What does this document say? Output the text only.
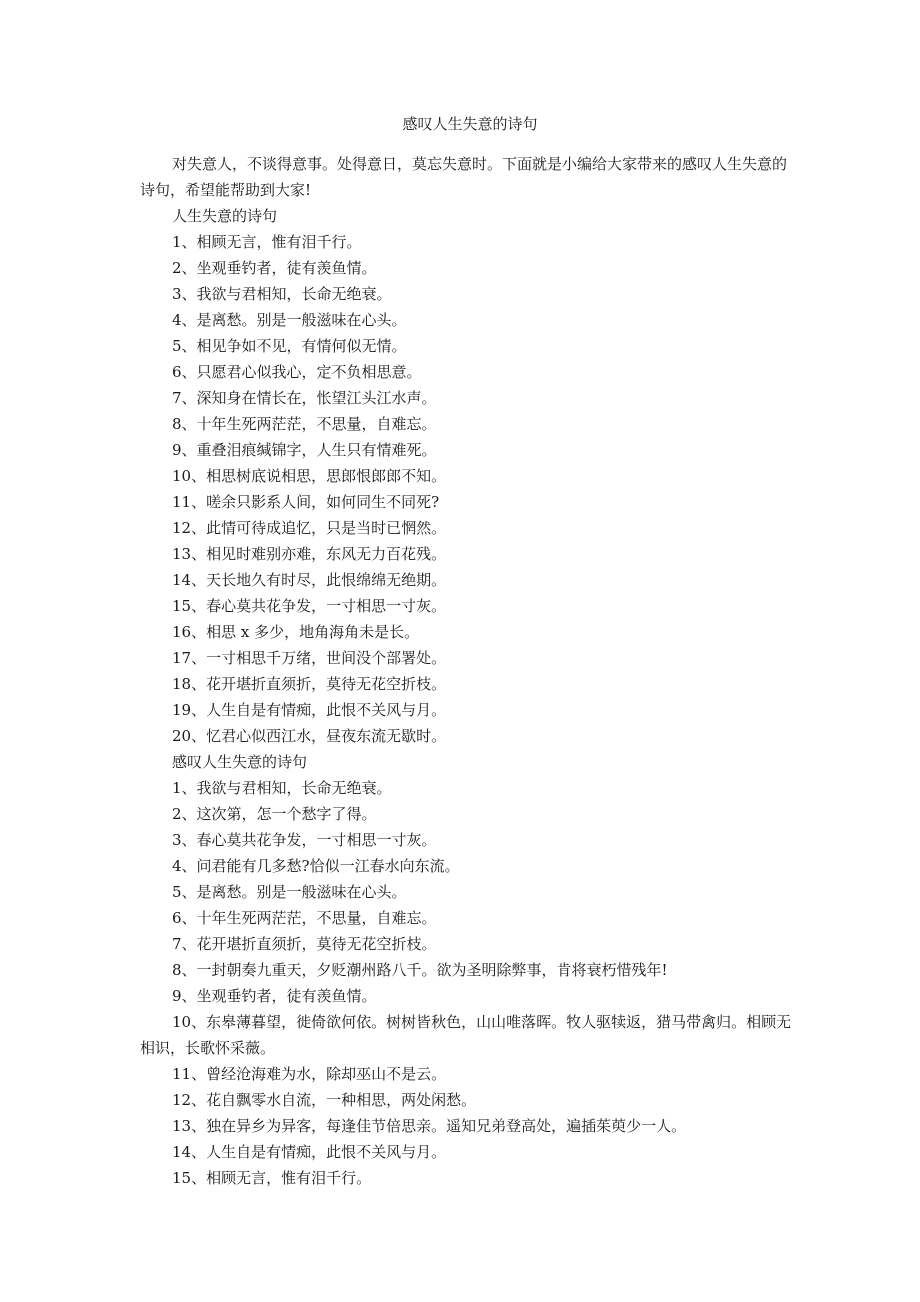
感叹人生失意的诗句

对失意人，不谈得意事。处得意日，莫忘失意时。下面就是小编给大家带来的感叹人生失意的诗句，希望能帮助到大家!

人生失意的诗句
1、相顾无言，惟有泪千行。
2、坐观垂钓者，徒有羡鱼情。
3、我欲与君相知，长命无绝衰。
4、是离愁。别是一般滋味在心头。
5、相见争如不见，有情何似无情。
6、只愿君心似我心，定不负相思意。
7、深知身在情长在，怅望江头江水声。
8、十年生死两茫茫，不思量，自难忘。
9、重叠泪痕缄锦字，人生只有情难死。
10、相思树底说相思，思郎恨郎郎不知。
11、嗟余只影系人间，如何同生不同死?
12、此情可待成追忆，只是当时已惘然。
13、相见时难别亦难，东风无力百花残。
14、天长地久有时尽，此恨绵绵无绝期。
15、春心莫共花争发，一寸相思一寸灰。
16、相思 x 多少，地角海角未是长。
17、一寸相思千万绪，世间没个部署处。
18、花开堪折直须折，莫待无花空折枝。
19、人生自是有情痴，此恨不关风与月。
20、忆君心似西江水，昼夜东流无歇时。
感叹人生失意的诗句
1、我欲与君相知，长命无绝衰。
2、这次第，怎一个愁字了得。
3、春心莫共花争发，一寸相思一寸灰。
4、问君能有几多愁?恰似一江春水向东流。
5、是离愁。别是一般滋味在心头。
6、十年生死两茫茫，不思量，自难忘。
7、花开堪折直须折，莫待无花空折枝。
8、一封朝奏九重天，夕贬潮州路八千。欲为圣明除弊事，肯将衰朽惜残年!
9、坐观垂钓者，徒有羡鱼情。

10、东皋薄暮望，徙倚欲何依。树树皆秋色，山山唯落晖。牧人驱犊返，猎马带禽归。相顾无相识，长歌怀采薇。

11、曾经沧海难为水，除却巫山不是云。
12、花自飘零水自流，一种相思，两处闲愁。
13、独在异乡为异客，每逢佳节倍思亲。遥知兄弟登高处，遍插茱萸少一人。
14、人生自是有情痴，此恨不关风与月。
15、相顾无言，惟有泪千行。
